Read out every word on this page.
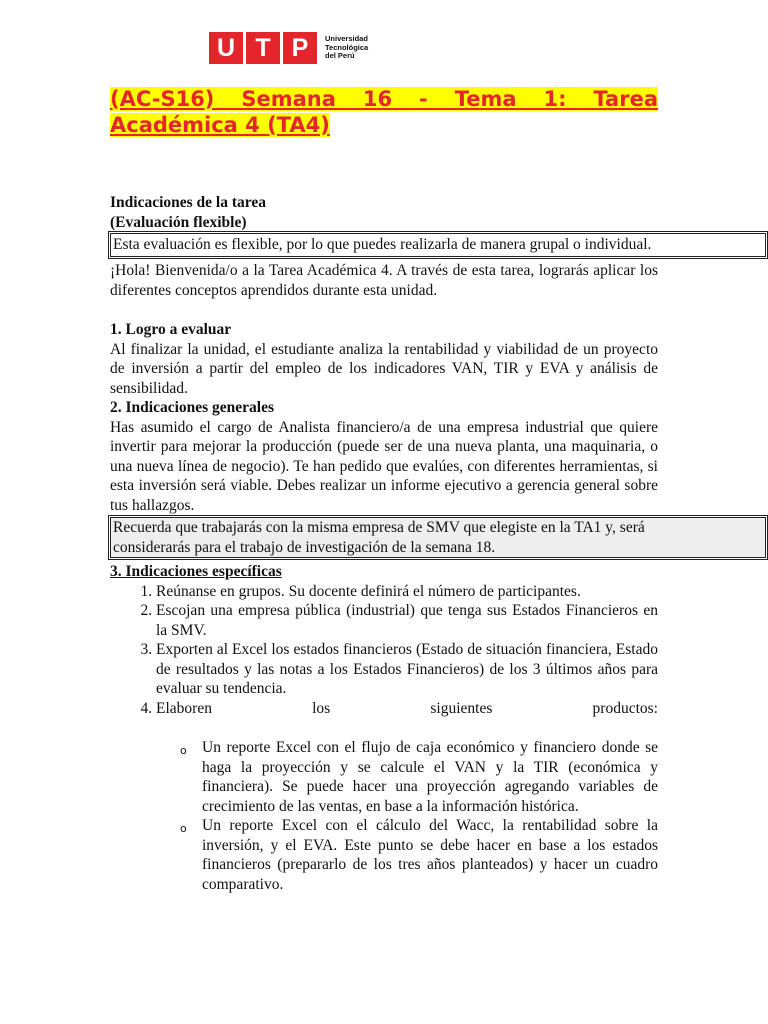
U T P	Universidad
Tecnológica
del Perú
(AC-S16) Semana 16 - Tema 1: Tarea
Académica 4 (TA4)
Indicaciones de la tarea
(Evaluación flexible)
Esta evaluación es flexible, por lo que puedes realizarla de manera grupal o individual.
¡Hola! Bienvenida/o a la Tarea Académica 4. A través de esta tarea, lograrás aplicar los diferentes conceptos aprendidos durante esta unidad.
1. Logro a evaluar
Al finalizar la unidad, el estudiante analiza la rentabilidad y viabilidad de un proyecto de inversión a partir del empleo de los indicadores VAN, TIR y EVA y análisis de sensibilidad.
2. Indicaciones generales
Has asumido el cargo de Analista financiero/a de una empresa industrial que quiere invertir para mejorar la producción (puede ser de una nueva planta, una maquinaria, o una nueva línea de negocio). Te han pedido que evalúes, con diferentes herramientas, si esta inversión será viable. Debes realizar un informe ejecutivo a gerencia general sobre tus hallazgos.
Recuerda que trabajarás con la misma empresa de SMV que elegiste en la TA1 y, será
considerarás para el trabajo de investigación de la semana 18.
3. Indicaciones específicas
1. Reúnanse en grupos. Su docente definirá el número de participantes.
2. Escojan una empresa pública (industrial) que tenga sus Estados Financieros en la SMV.
3. Exporten al Excel los estados financieros (Estado de situación financiera, Estado de resultados y las notas a los Estados Financieros) de los 3 últimos años para evaluar su tendencia.
4. Elaboren los siguientes productos:
o Un reporte Excel con el flujo de caja económico y financiero donde se haga la proyección y se calcule el VAN y la TIR (económica y financiera). Se puede hacer una proyección agregando variables de crecimiento de las ventas, en base a la información histórica.
o Un reporte Excel con el cálculo del Wacc, la rentabilidad sobre la inversión, y el EVA. Este punto se debe hacer en base a los estados financieros (prepararlo de los tres años planteados) y hacer un cuadro comparativo.
